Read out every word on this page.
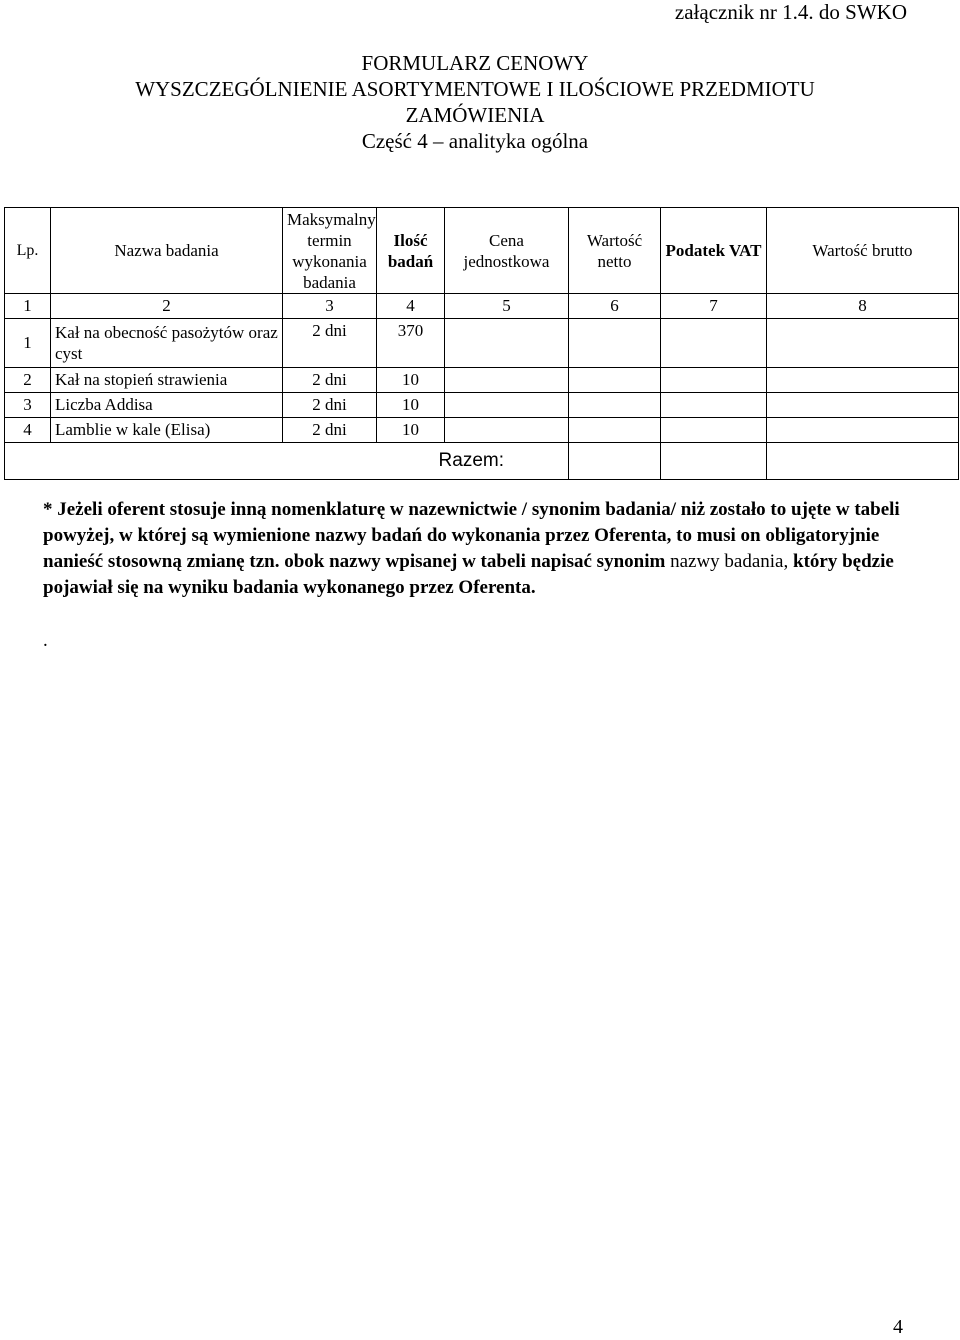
załącznik nr 1.4. do SWKO
FORMULARZ CENOWY
WYSZCZEGÓLNIENIE ASORTYMENTOWE I ILOŚCIOWE PRZEDMIOTU
ZAMÓWIENIA
Część 4 – analityka ogólna
Lp.	Nazwa badania	Maksymalny termin wykonania badania	Ilość badań	Cena jednostkowa	Wartość netto	Podatek VAT	Wartość brutto
1	2	3	4	5	6	7	8
1	Kał na obecność pasożytów oraz cyst	2 dni	370				
2	Kał na stopień strawienia	2 dni	10				
3	Liczba Addisa	2 dni	10				
4	Lamblie w kale (Elisa)	2 dni	10				
Razem:							
* Jeżeli oferent stosuje inną nomenklaturę w nazewnictwie / synonim badania/ niż zostało to ujęte w tabeli powyżej, w której są wymienione nazwy badań do wykonania przez Oferenta, to musi on obligatoryjnie nanieść stosowną zmianę tzn. obok nazwy wpisanej w tabeli napisać synonim nazwy badania, który będzie pojawiał się na wyniku badania wykonanego przez Oferenta.
.
4
